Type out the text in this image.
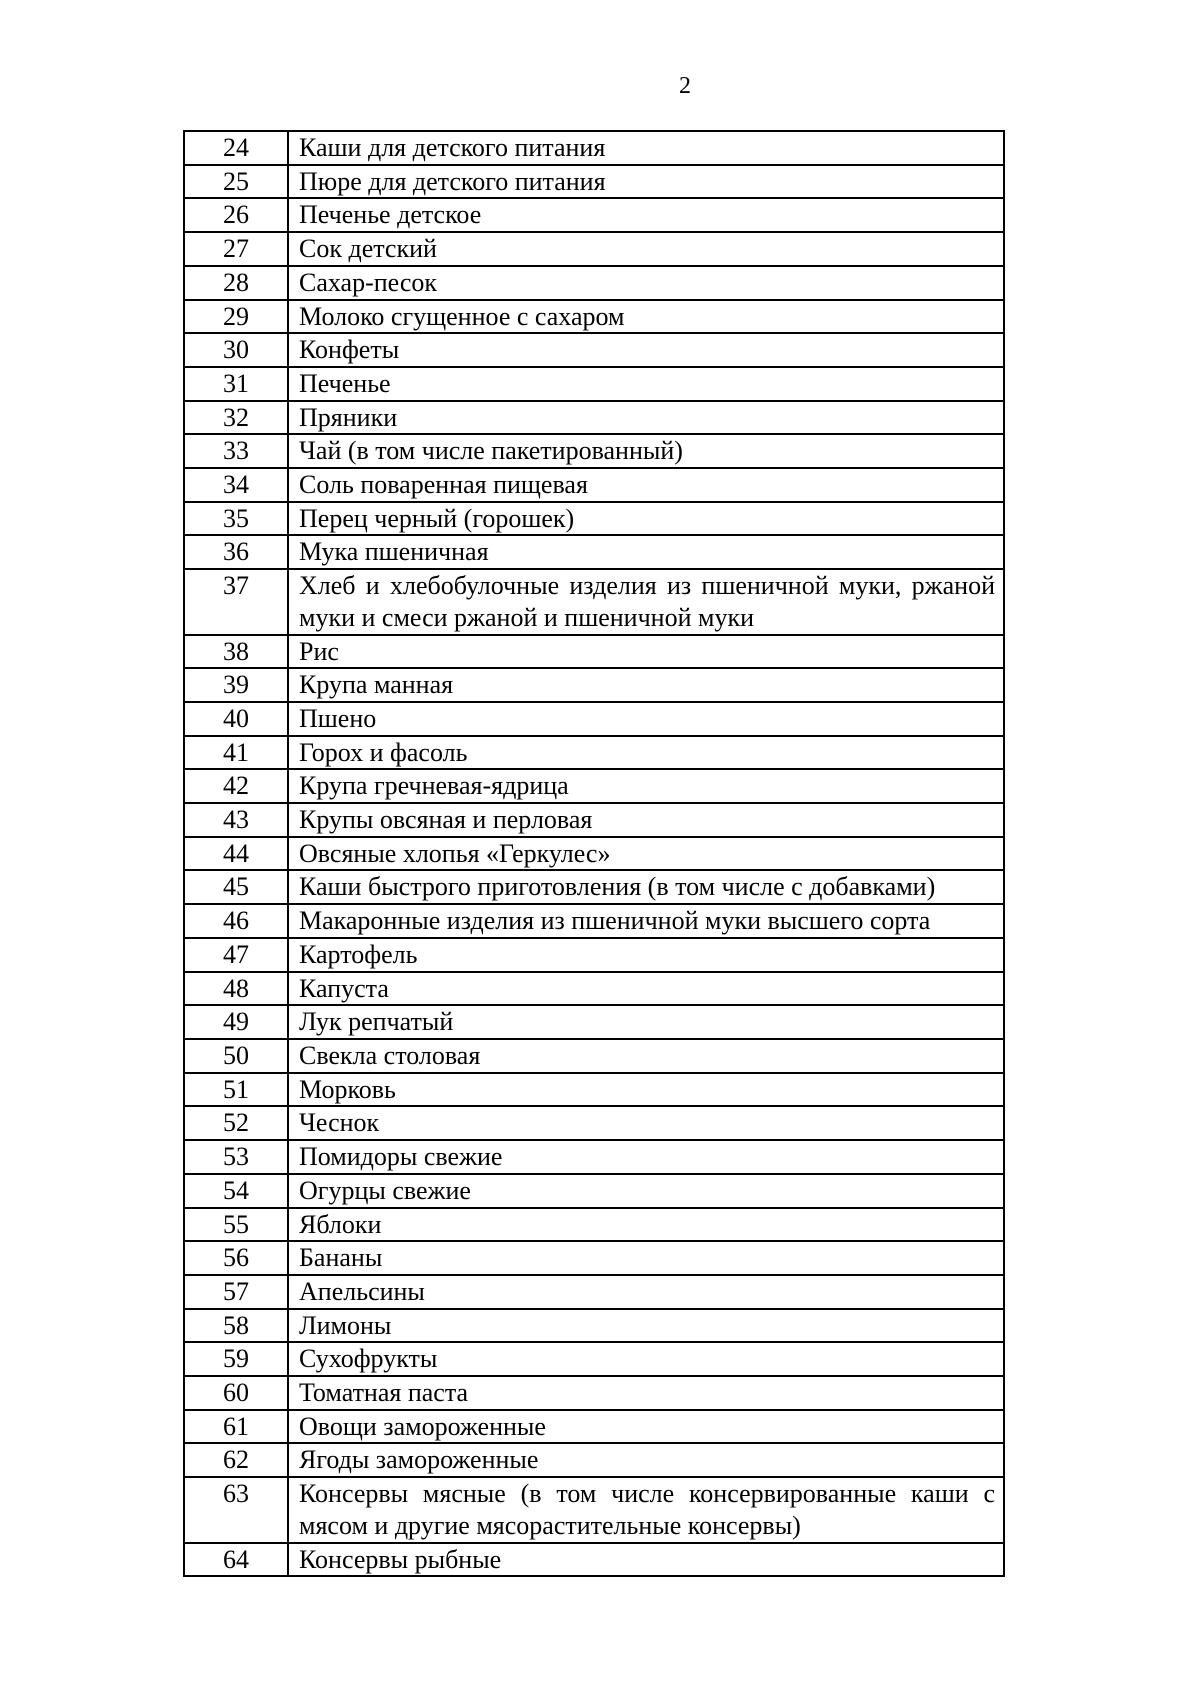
2
24	Каши для детского питания
25	Пюре для детского питания
26	Печенье детское
27	Сок детский
28	Сахар-песок
29	Молоко сгущенное с сахаром
30	Конфеты
31	Печенье
32	Пряники
33	Чай (в том числе пакетированный)
34	Соль поваренная пищевая
35	Перец черный (горошек)
36	Мука пшеничная
37	Хлеб и хлебобулочные изделия из пшеничной муки, ржаной муки и смеси ржаной и пшеничной муки
38	Рис
39	Крупа манная
40	Пшено
41	Горох и фасоль
42	Крупа гречневая-ядрица
43	Крупы овсяная и перловая
44	Овсяные хлопья «Геркулес»
45	Каши быстрого приготовления (в том числе с добавками)
46	Макаронные изделия из пшеничной муки высшего сорта
47	Картофель
48	Капуста
49	Лук репчатый
50	Свекла столовая
51	Морковь
52	Чеснок
53	Помидоры свежие
54	Огурцы свежие
55	Яблоки
56	Бананы
57	Апельсины
58	Лимоны
59	Сухофрукты
60	Томатная паста
61	Овощи замороженные
62	Ягоды замороженные
63	Консервы мясные (в том числе консервированные каши с мясом и другие мясорастительные консервы)
64	Консервы рыбные
